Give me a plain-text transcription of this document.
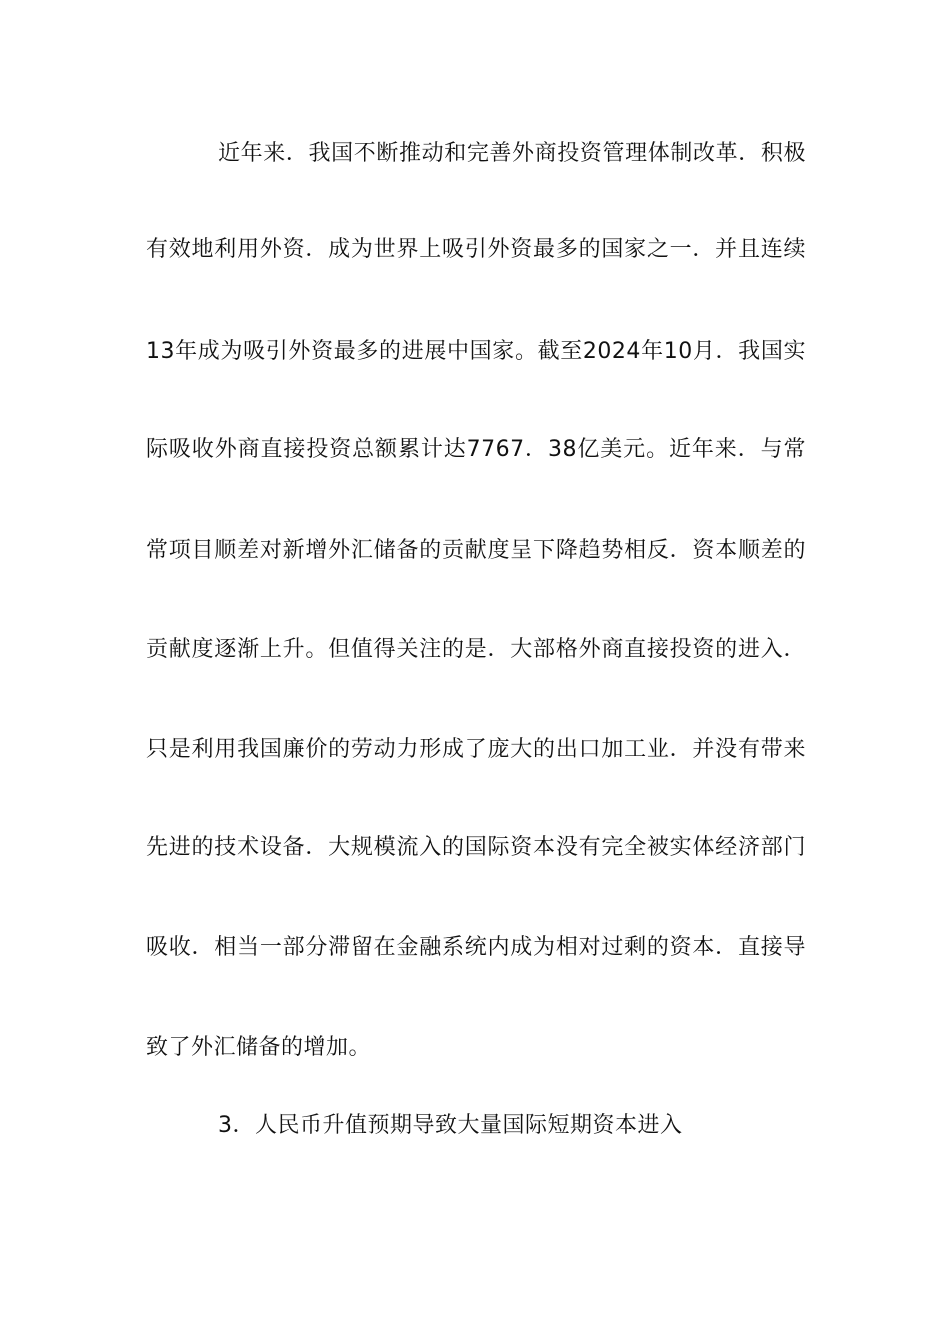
近年来．我国不断推动和完善外商投资管理体制改革．积极
有效地利用外资．成为世界上吸引外资最多的国家之一．并且连续
13年成为吸引外资最多的进展中国家。截至2024年10月．我国实
际吸收外商直接投资总额累计达7767．38亿美元。近年来．与常
常项目顺差对新增外汇储备的贡献度呈下降趋势相反．资本顺差的
贡献度逐渐上升。但值得关注的是．大部格外商直接投资的进入．
只是利用我国廉价的劳动力形成了庞大的出口加工业．并没有带来
先进的技术设备．大规模流入的国际资本没有完全被实体经济部门
吸收．相当一部分滞留在金融系统内成为相对过剩的资本．直接导
致了外汇储备的增加。
3．人民币升值预期导致大量国际短期资本进入
